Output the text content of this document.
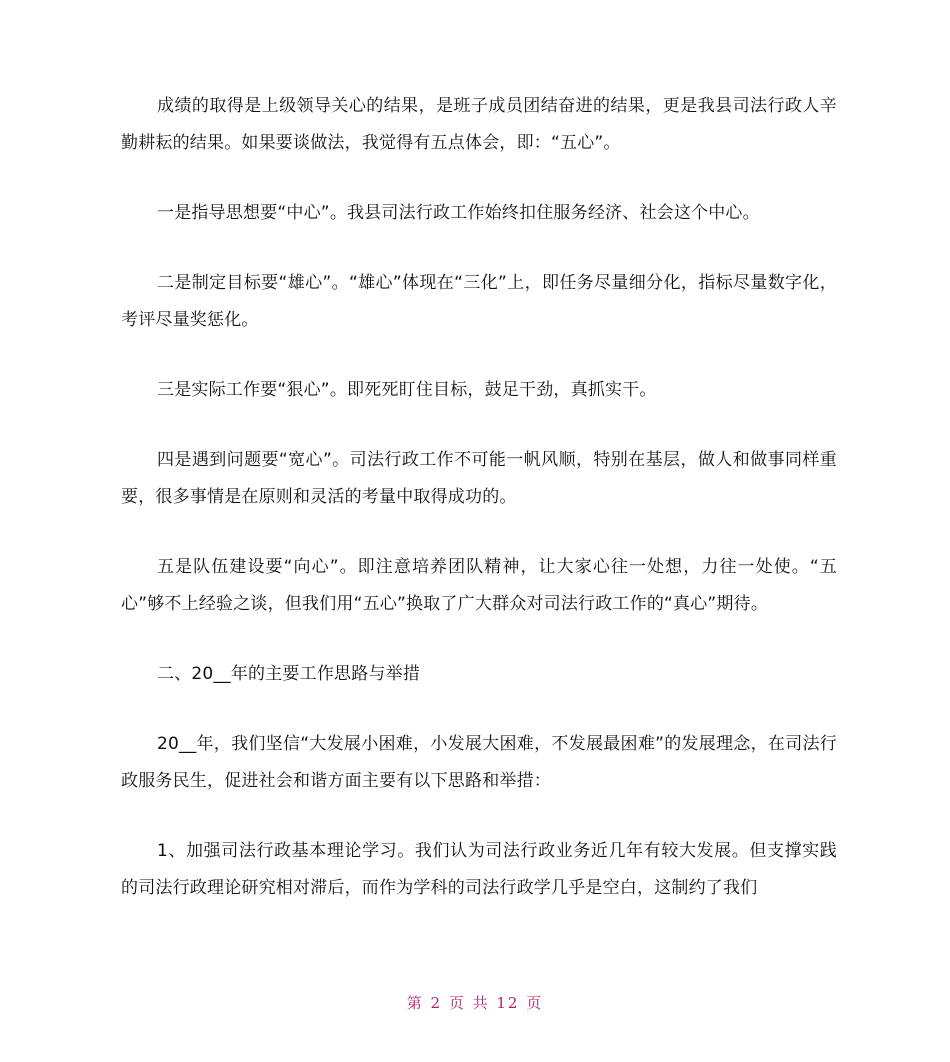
成绩的取得是上级领导关心的结果，是班子成员团结奋进的结果，更是我县司法行政人辛勤耕耘的结果。如果要谈做法，我觉得有五点体会，即：“五心”。

一是指导思想要“中心”。我县司法行政工作始终扣住服务经济、社会这个中心。

二是制定目标要“雄心”。“雄心”体现在“三化”上，即任务尽量细分化，指标尽量数字化，考评尽量奖惩化。

三是实际工作要“狠心”。即死死盯住目标，鼓足干劲，真抓实干。

四是遇到问题要“宽心”。司法行政工作不可能一帆风顺，特别在基层，做人和做事同样重要，很多事情是在原则和灵活的考量中取得成功的。

五是队伍建设要“向心”。即注意培养团队精神，让大家心往一处想，力往一处使。“五心”够不上经验之谈，但我们用“五心”换取了广大群众对司法行政工作的“真心”期待。

二、20__年的主要工作思路与举措

20__年，我们坚信“大发展小困难，小发展大困难，不发展最困难”的发展理念，在司法行政服务民生，促进社会和谐方面主要有以下思路和举措：

1、加强司法行政基本理论学习。我们认为司法行政业务近几年有较大发展。但支撑实践的司法行政理论研究相对滞后，而作为学科的司法行政学几乎是空白，这制约了我们

第 2 页 共 12 页
